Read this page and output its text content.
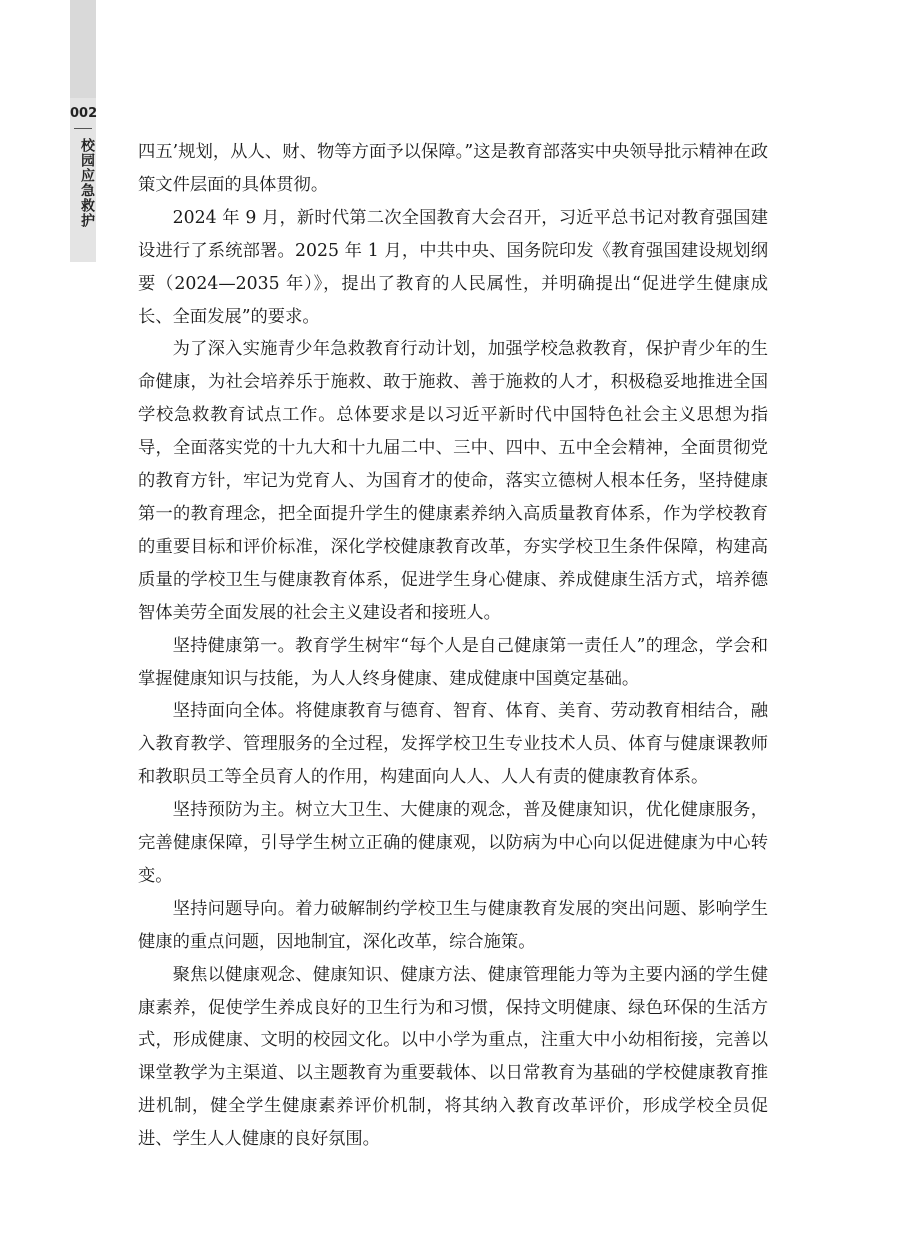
002
校园应急救护 四五’规划，从人、财、物等方面予以保障。”这是教育部落实中央领导批示精神在政策文件层面的具体贯彻。

2024 年 9 月，新时代第二次全国教育大会召开，习近平总书记对教育强国建设进行了系统部署。2025 年 1 月，中共中央、国务院印发《教育强国建设规划纲要（2024—2035 年）》，提出了教育的人民属性，并明确提出“促进学生健康成长、全面发展”的要求。

为了深入实施青少年急救教育行动计划，加强学校急救教育，保护青少年的生命健康，为社会培养乐于施救、敢于施救、善于施救的人才，积极稳妥地推进全国学校急救教育试点工作。总体要求是以习近平新时代中国特色社会主义思想为指导，全面落实党的十九大和十九届二中、三中、四中、五中全会精神，全面贯彻党的教育方针，牢记为党育人、为国育才的使命，落实立德树人根本任务，坚持健康第一的教育理念，把全面提升学生的健康素养纳入高质量教育体系，作为学校教育的重要目标和评价标准，深化学校健康教育改革，夯实学校卫生条件保障，构建高质量的学校卫生与健康教育体系，促进学生身心健康、养成健康生活方式，培养德智体美劳全面发展的社会主义建设者和接班人。

坚持健康第一。教育学生树牢“每个人是自己健康第一责任人”的理念，学会和掌握健康知识与技能，为人人终身健康、建成健康中国奠定基础。

坚持面向全体。将健康教育与德育、智育、体育、美育、劳动教育相结合，融入教育教学、管理服务的全过程，发挥学校卫生专业技术人员、体育与健康课教师和教职员工等全员育人的作用，构建面向人人、人人有责的健康教育体系。

坚持预防为主。树立大卫生、大健康的观念，普及健康知识，优化健康服务，完善健康保障，引导学生树立正确的健康观，以防病为中心向以促进健康为中心转变。

坚持问题导向。着力破解制约学校卫生与健康教育发展的突出问题、影响学生健康的重点问题，因地制宜，深化改革，综合施策。

聚焦以健康观念、健康知识、健康方法、健康管理能力等为主要内涵的学生健康素养，促使学生养成良好的卫生行为和习惯，保持文明健康、绿色环保的生活方式，形成健康、文明的校园文化。以中小学为重点，注重大中小幼相衔接，完善以课堂教学为主渠道、以主题教育为重要载体、以日常教育为基础的学校健康教育推进机制，健全学生健康素养评价机制，将其纳入教育改革评价，形成学校全员促进、学生人人健康的良好氛围。
